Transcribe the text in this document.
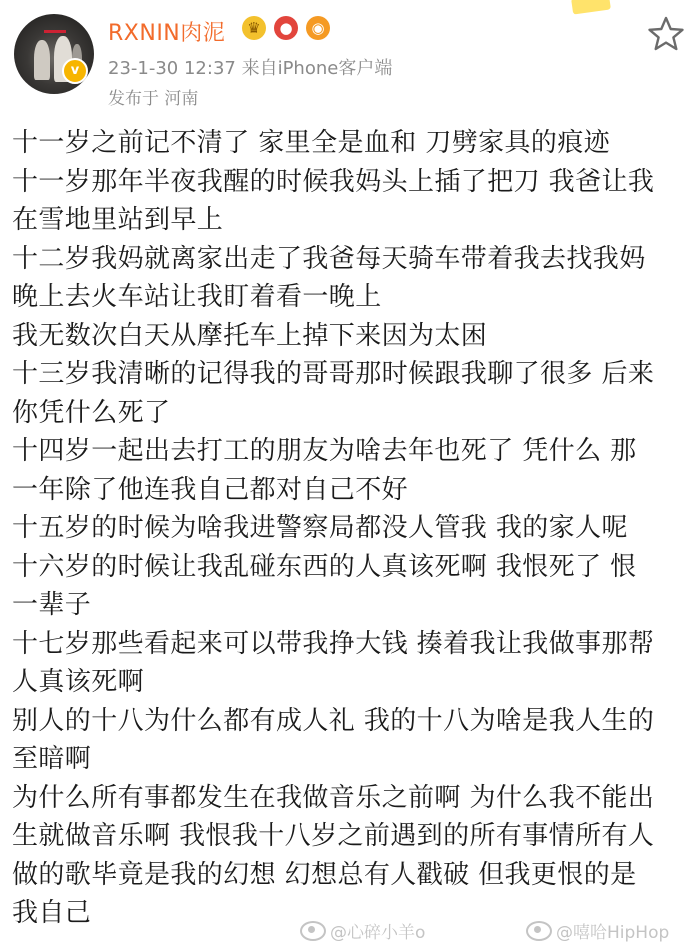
v
RXNIN肉泥	♛	●	◉
23-1-30 12:37 来自iPhone客户端
发布于 河南
十一岁之前记不清了 家里全是血和 刀劈家具的痕迹
十一岁那年半夜我醒的时候我妈头上插了把刀 我爸让我
在雪地里站到早上
十二岁我妈就离家出走了我爸每天骑车带着我去找我妈
晚上去火车站让我盯着看一晚上
我无数次白天从摩托车上掉下来因为太困
十三岁我清晰的记得我的哥哥那时候跟我聊了很多 后来
你凭什么死了
十四岁一起出去打工的朋友为啥去年也死了 凭什么 那
一年除了他连我自己都对自己不好
十五岁的时候为啥我进警察局都没人管我 我的家人呢
十六岁的时候让我乱碰东西的人真该死啊 我恨死了 恨
一辈子
十七岁那些看起来可以带我挣大钱 揍着我让我做事那帮
人真该死啊
别人的十八为什么都有成人礼 我的十八为啥是我人生的
至暗啊
为什么所有事都发生在我做音乐之前啊 为什么我不能出
生就做音乐啊 我恨我十八岁之前遇到的所有事情所有人
做的歌毕竟是我的幻想 幻想总有人戳破 但我更恨的是
我自己
@心碎小羊o	@嘻哈HipHop
